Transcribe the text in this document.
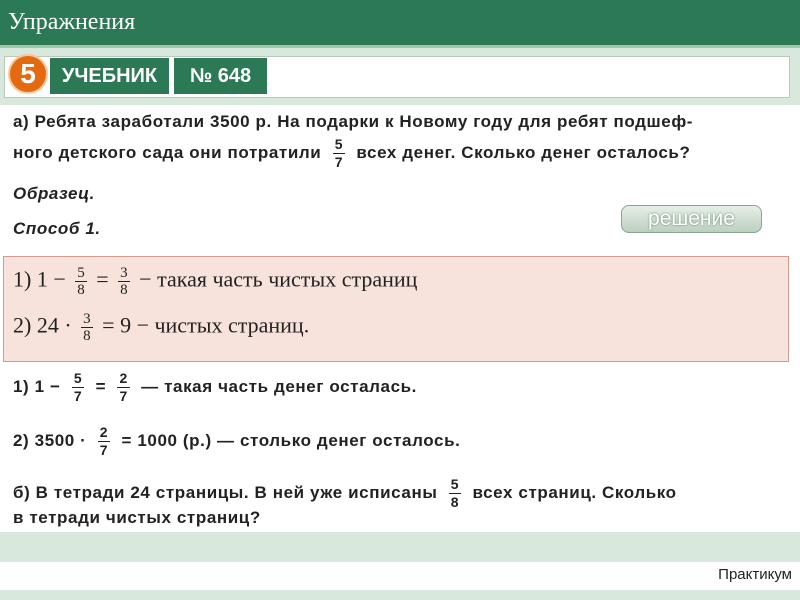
Упражнения
5	УЧЕБНИК	№ 648
а) Ребята заработали 3500 р. На подарки к Новому году для ребят подшеф-
ного детского сада они потратили $\frac{5}{7}$ всех денег. Сколько денег осталось?
Образец.
Способ 1.
1) $1 - \frac{5}{7} = \frac{2}{7}$ — такая часть денег осталась.
2) $3500 \cdot \frac{2}{7} = 1000$ (р.) — столько денег осталось.
б) В тетради 24 страницы. В ней уже исписаны $\frac{5}{8}$ всех страниц. Сколько
в тетради чистых страниц?
решение
1) $1 - \frac{5}{8} = \frac{3}{8}$ − такая часть чистых страниц
2) $24 \cdot \frac{3}{8} = 9$ − чистых страниц.
Практикум
